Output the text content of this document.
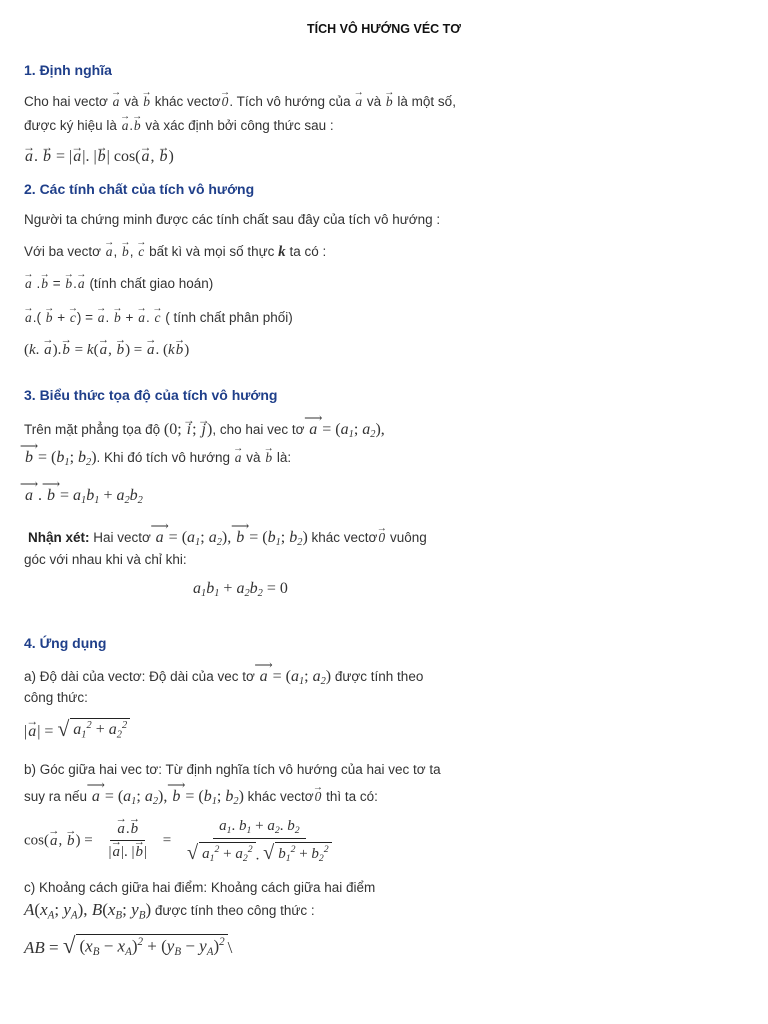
TÍCH VÔ HƯỚNG VÉC TƠ
1. Định nghĩa
Cho hai vectơ → a và → b khác vectơ→ 0. Tích vô hướng của → a và → b là một số,
được ký hiệu là → a.→ b và xác định bởi công thức sau :
→ a. → b = |→ a|. |→ b| cos(→ a, → b)
2. Các tính chất của tích vô hướng
Người ta chứng minh được các tính chất sau đây của tích vô hướng :
Với ba vectơ → a, → b, → c bất kì và mọi số thực k ta có :
→ a .→ b = → b.→ a (tính chất giao hoán)
→ a.( → b + → c) = → a. → b + → a. → c ( tính chất phân phối)
(k. → a).→ b = k(→ a, → b) = → a. (k→ b)
3. Biểu thức tọa độ của tích vô hướng
Trên mặt phẳng tọa độ (0; → i; → j), cho hai vec tơ ⟶ $a = (a_1$; $a_2$),
⟶ $b = (b_1$; $b_2$). Khi đó tích vô hướng → a và → b là:
⟶ a . ⟶ $b = a_1b_1 + a_2b_2$
Nhận xét: Hai vectơ ⟶ $a = (a_1$; $a_2$), ⟶ $b = (b_1$; $b_2$) khác vectơ→ 0 vuông
góc với nhau khi và chỉ khi:
$a_1b_1 + a_2b_2 = 0$
4. Ứng dụng
a) Độ dài của vectơ: Độ dài của vec tơ ⟶ $a = (a_1$; $a_2$) được tính theo
công thức:
|→ a| = √ $a_1^2 + a_2^2$
b) Góc giữa hai vec tơ: Từ định nghĩa tích vô hướng của hai vec tơ ta
suy ra nếu ⟶ $a = (a_1$; $a_2$), ⟶ $b = (b_1$; $b_2$) khác vectơ→ 0 thì ta có:
cos(→ a, → b) = → $\frac{a.\to b}{|\to a|. |\to b|} = \frac{a_1. b_1 + a_2. b_2}{√ a_1^2 + a_2^2 . √ b_1^2 + b_2^2}$
c) Khoảng cách giữa hai điểm: Khoảng cách giữa hai điểm
$A(x_A$; $y_A$), $B(x_B$; $y_B$) được tính theo công thức :
AB = √ $(x_B - x_A)^2 + (y_B - y_A)^2$ \
